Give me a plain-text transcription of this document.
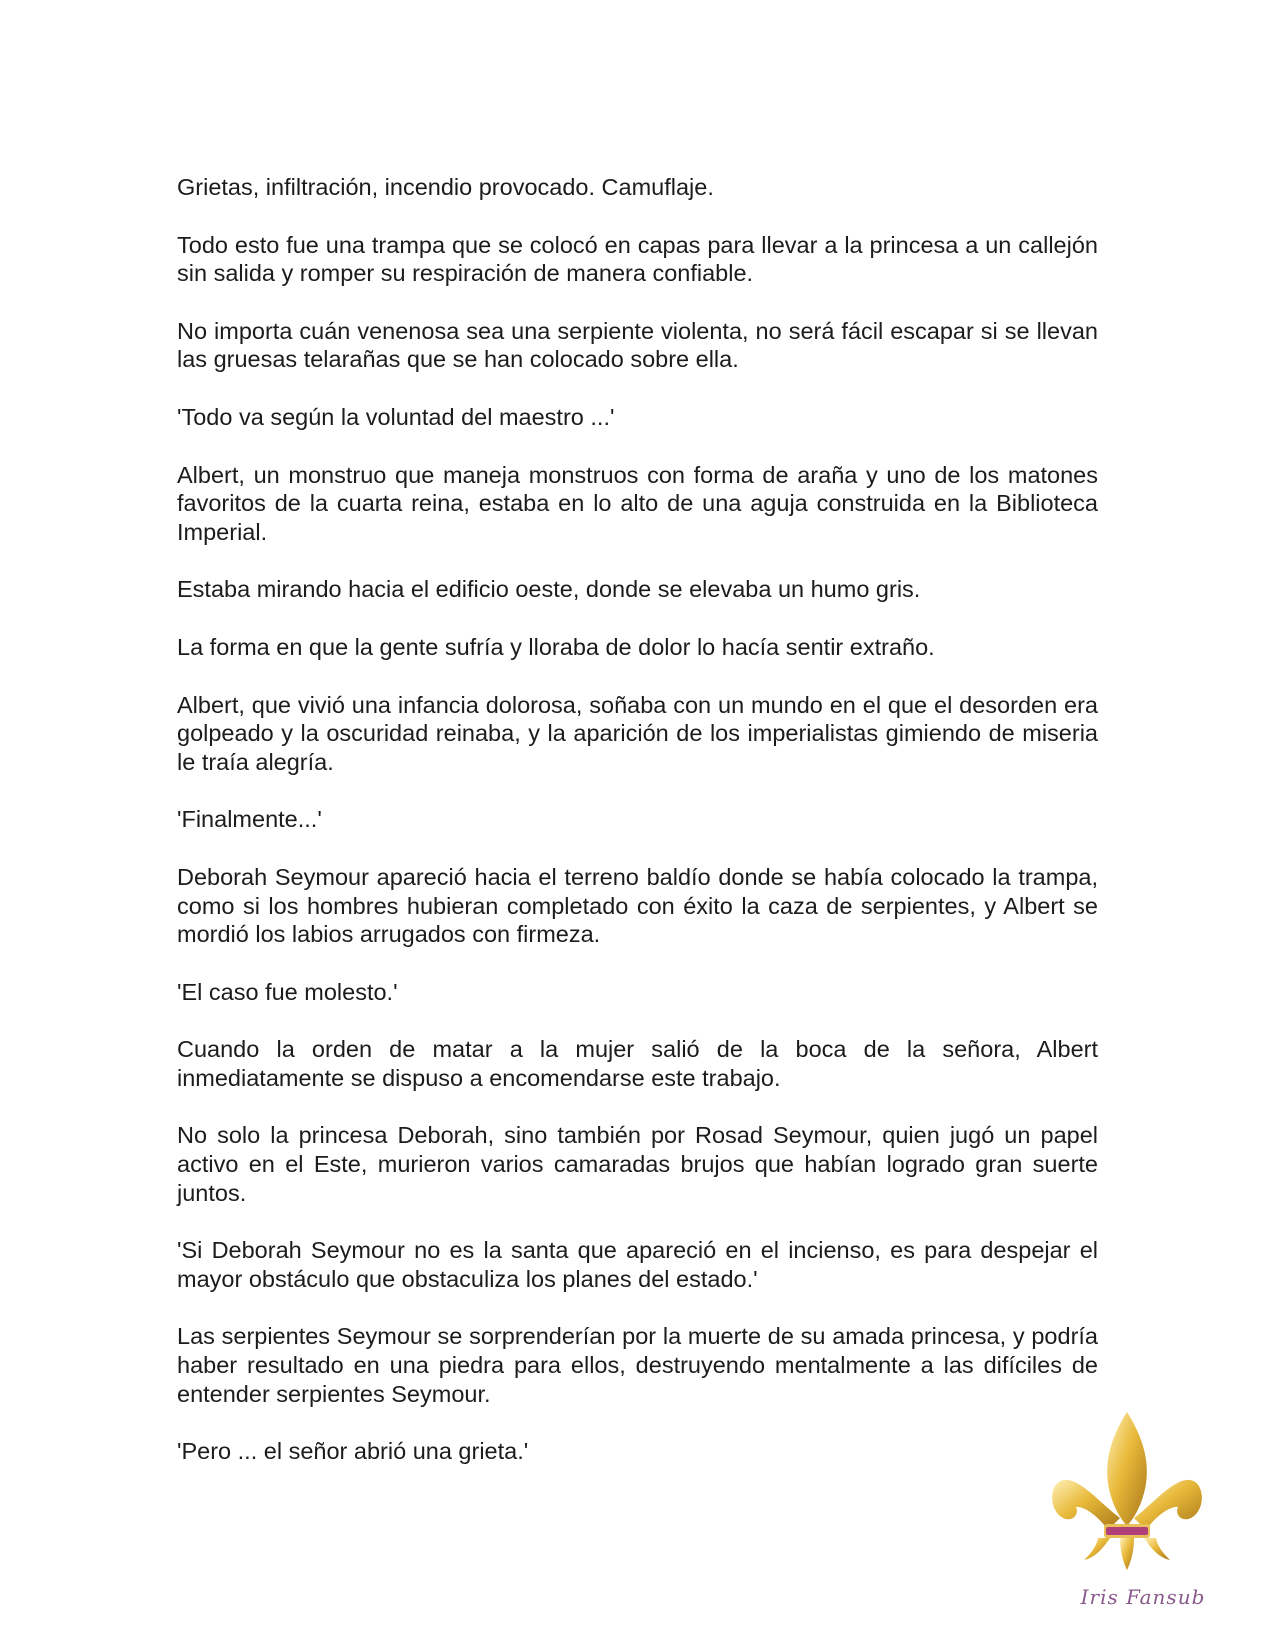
Grietas, infiltración, incendio provocado. Camuflaje.

Todo esto fue una trampa que se colocó en capas para llevar a la princesa a un callejón sin salida y romper su respiración de manera confiable.

No importa cuán venenosa sea una serpiente violenta, no será fácil escapar si se llevan las gruesas telarañas que se han colocado sobre ella.

'Todo va según la voluntad del maestro ...'

Albert, un monstruo que maneja monstruos con forma de araña y uno de los matones favoritos de la cuarta reina, estaba en lo alto de una aguja construida en la Biblioteca Imperial.

Estaba mirando hacia el edificio oeste, donde se elevaba un humo gris.

La forma en que la gente sufría y lloraba de dolor lo hacía sentir extraño.

Albert, que vivió una infancia dolorosa, soñaba con un mundo en el que el desorden era golpeado y la oscuridad reinaba, y la aparición de los imperialistas gimiendo de miseria le traía alegría.

'Finalmente...'

Deborah Seymour apareció hacia el terreno baldío donde se había colocado la trampa, como si los hombres hubieran completado con éxito la caza de serpientes, y Albert se mordió los labios arrugados con firmeza.

'El caso fue molesto.'

Cuando la orden de matar a la mujer salió de la boca de la señora, Albert inmediatamente se dispuso a encomendarse este trabajo.

No solo la princesa Deborah, sino también por Rosad Seymour, quien jugó un papel activo en el Este, murieron varios camaradas brujos que habían logrado gran suerte juntos.

'Si Deborah Seymour no es la santa que apareció en el incienso, es para despejar el mayor obstáculo que obstaculiza los planes del estado.'

Las serpientes Seymour se sorprenderían por la muerte de su amada princesa, y podría haber resultado en una piedra para ellos, destruyendo mentalmente a las difíciles de entender serpientes Seymour.

'Pero ... el señor abrió una grieta.'

Iris Fansub
